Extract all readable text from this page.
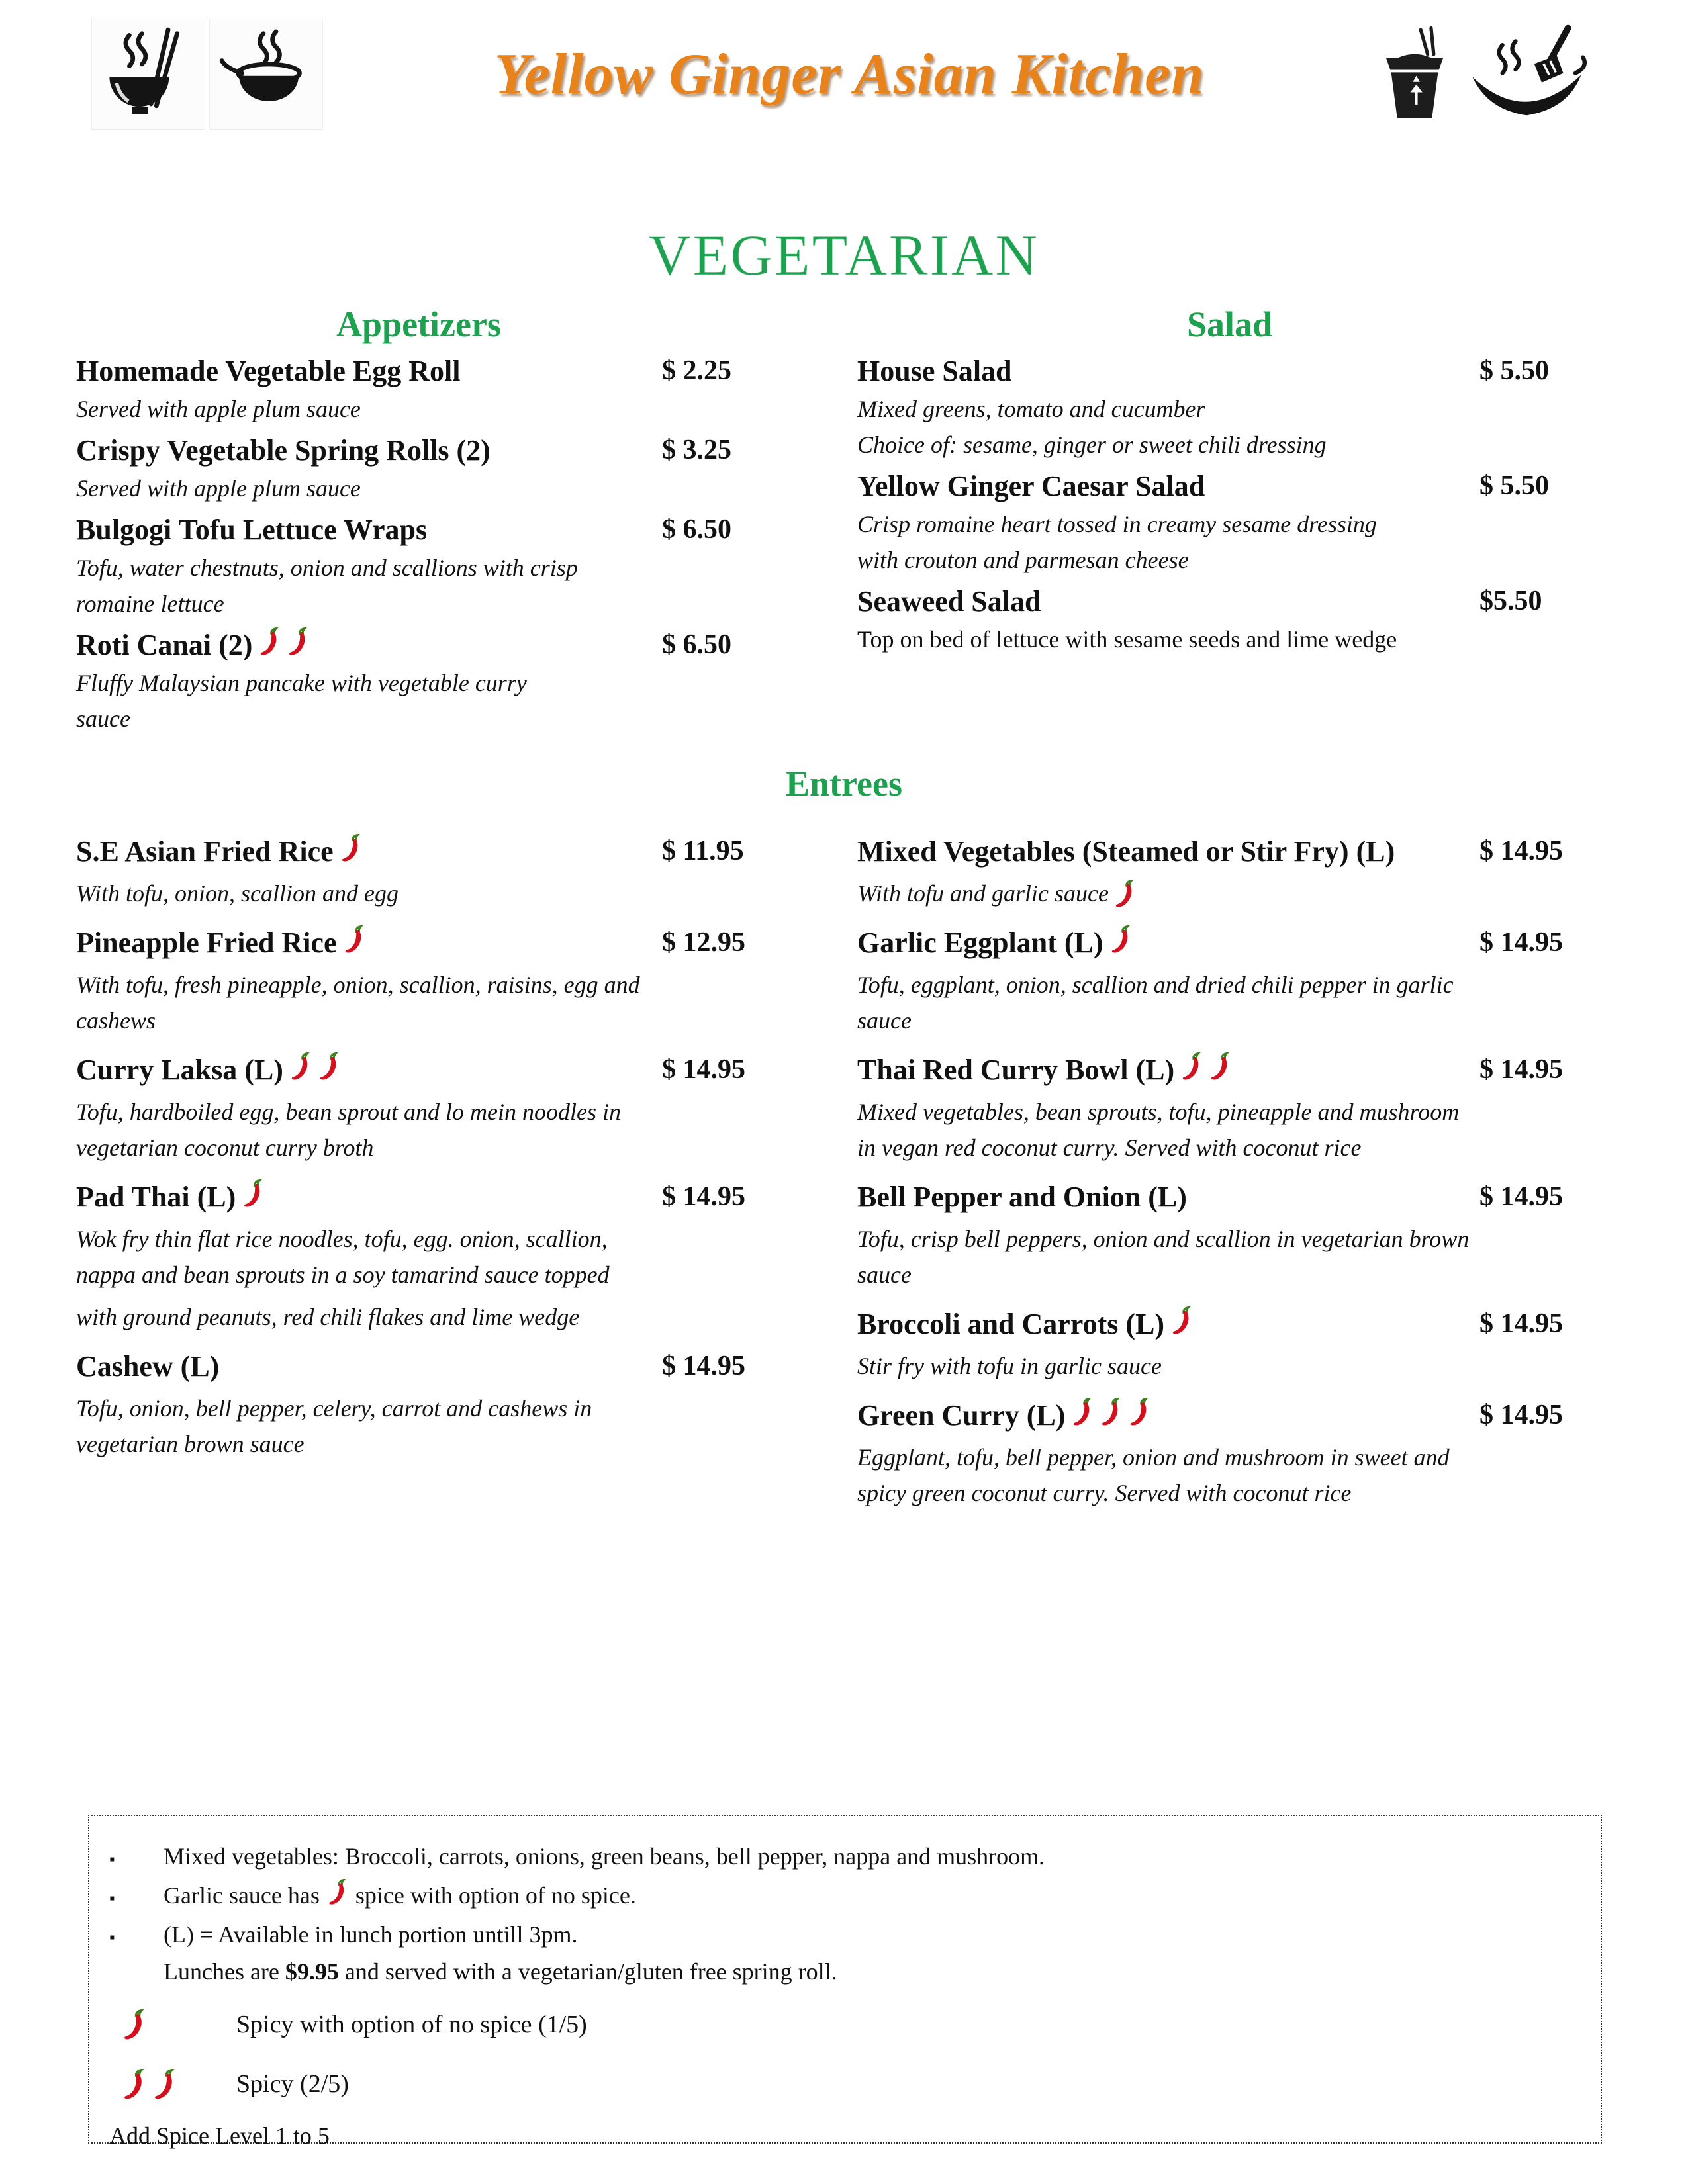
Yellow Ginger Asian Kitchen
VEGETARIAN
Appetizers
Homemade Vegetable Egg Roll	$ 2.25
Served with apple plum sauce
Crispy Vegetable Spring Rolls (2)	$ 3.25
Served with apple plum sauce
Bulgogi Tofu Lettuce Wraps	$ 6.50
Tofu, water chestnuts, onion and scallions with crisp
romaine lettuce
Roti Canai (2)	$ 6.50
Fluffy Malaysian pancake with vegetable curry
sauce
Salad
House Salad	$ 5.50
Mixed greens, tomato and cucumber
Choice of: sesame, ginger or sweet chili dressing
Yellow Ginger Caesar Salad	$ 5.50
Crisp romaine heart tossed in creamy sesame dressing
with crouton and parmesan cheese
Seaweed Salad	$5.50
Top on bed of lettuce with sesame seeds and lime wedge
Entrees
S.E Asian Fried Rice	$ 11.95
With tofu, onion, scallion and egg
Pineapple Fried Rice	$ 12.95
With tofu, fresh pineapple, onion, scallion, raisins, egg and
cashews
Curry Laksa (L)	$ 14.95
Tofu, hardboiled egg, bean sprout and lo mein noodles in
vegetarian coconut curry broth
Pad Thai (L)	$ 14.95
Wok fry thin flat rice noodles, tofu, egg. onion, scallion,
nappa and bean sprouts in a soy tamarind sauce topped
with ground peanuts, red chili flakes and lime wedge
Cashew (L)	$ 14.95
Tofu, onion, bell pepper, celery, carrot and cashews in
vegetarian brown sauce
Mixed Vegetables (Steamed or Stir Fry) (L)	$ 14.95
With tofu and garlic sauce
Garlic Eggplant (L)	$ 14.95
Tofu, eggplant, onion, scallion and dried chili pepper in garlic
sauce
Thai Red Curry Bowl (L)	$ 14.95
Mixed vegetables, bean sprouts, tofu, pineapple and mushroom
in vegan red coconut curry. Served with coconut rice
Bell Pepper and Onion (L)	$ 14.95
Tofu, crisp bell peppers, onion and scallion in vegetarian brown
sauce
Broccoli and Carrots (L)	$ 14.95
Stir fry with tofu in garlic sauce
Green Curry (L)	$ 14.95
Eggplant, tofu, bell pepper, onion and mushroom in sweet and
spicy green coconut curry. Served with coconut rice
▪	Mixed vegetables: Broccoli, carrots, onions, green beans, bell pepper, nappa and mushroom.
▪	Garlic sauce has spice with option of no spice.
▪	(L) = Available in lunch portion untill 3pm.
Lunches are $9.95 and served with a vegetarian/gluten free spring roll.
Spicy with option of no spice (1/5)
Spicy (2/5)
Add Spice Level 1 to 5
